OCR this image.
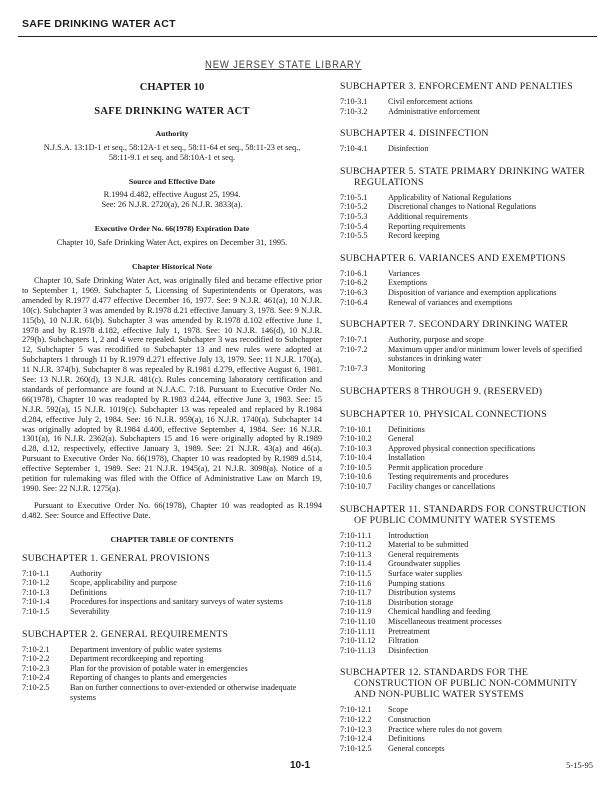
SAFE DRINKING WATER ACT
NEW JERSEY STATE LIBRARY
CHAPTER 10
SAFE DRINKING WATER ACT
Authority
N.J.S.A. 13:1D-1 et seq., 58:12A-1 et seq., 58:11-64 et seq., 58:11-23 et seq., 58:11-9.1 et seq. and 58:10A-1 et seq.
Source and Effective Date
R.1994 d.482, effective August 25, 1994.
See: 26 N.J.R. 2720(a), 26 N.J.R. 3833(a).
Executive Order No. 66(1978) Expiration Date
Chapter 10, Safe Drinking Water Act, expires on December 31, 1995.
Chapter Historical Note

Chapter 10, Safe Drinking Water Act, was originally filed and became effective prior to September 1, 1969. Subchapter 5, Licensing of Superintendents or Operators, was amended by R.1977 d.477 effective December 16, 1977. See: 9 N.J.R. 461(a), 10 N.J.R. 10(c). Subchapter 3 was amended by R.1978 d.21 effective January 3, 1978. See: 9 N.J.R. 115(b), 10 N.J.R. 61(b). Subchapter 3 was amended by R.1978 d.102 effective June 1, 1978 and by R.1978 d.182, effective July 1, 1978. See: 10 N.J.R. 146(d), 10 N.J.R. 279(b). Subchapters 1, 2 and 4 were repealed. Subchapter 3 was recodified to Subchapter 12, Subchapter 5 was recodified to Subchapter 13 and new rules were adopted at Subchapters 1 through 11 by R.1979 d.271 effective July 13, 1979. See: 11 N.J.R. 170(a), 11 N.J.R. 374(b). Subchapter 8 was repealed by R.1981 d.279, effective August 6, 1981. See: 13 N.J.R. 260(d), 13 N.J.R. 481(c). Rules concerning laboratory certification and standards of performance are found at N.J.A.C. 7:18. Pursuant to Executive Order No. 66(1978), Chapter 10 was readopted by R.1983 d.244, effective June 3, 1983. See: 15 N.J.R. 592(a), 15 N.J.R. 1019(c). Subchapter 13 was repealed and replaced by R.1984 d.284, effective July 2, 1984. See: 16 N.J.R. 959(a), 16 N.J.R. 1740(a). Subchapter 14 was originally adopted by R.1984 d.400, effective September 4, 1984. See: 16 N.J.R. 1301(a), 16 N.J.R. 2362(a). Subchapters 15 and 16 were originally adopted by R.1989 d.28, d.12, respectively, effective January 3, 1989. See: 21 N.J.R. 43(a) and 46(a). Pursuant to Executive Order No. 66(1978), Chapter 10 was readopted by R.1989 d.514, effective September 1, 1989. See: 21 N.J.R. 1945(a), 21 N.J.R. 3098(a). Notice of a petition for rulemaking was filed with the Office of Administrative Law on March 19, 1990. See: 22 N.J.R. 1275(a).

Pursuant to Executive Order No. 66(1978), Chapter 10 was readopted as R.1994 d.482. See: Source and Effective Date.

CHAPTER TABLE OF CONTENTS
SUBCHAPTER 1. GENERAL PROVISIONS
7:10-1.1	Authority
7:10-1.2	Scope, applicability and purpose
7:10-1.3	Definitions
7:10-1.4	Procedures for inspections and sanitary surveys of water systems
7:10-1.5	Severability
SUBCHAPTER 2. GENERAL REQUIREMENTS
7:10-2.1	Department inventory of public water systems
7:10-2.2	Department recordkeeping and reporting
7:10-2.3	Plan for the provision of potable water in emergencies
7:10-2.4	Reporting of changes to plants and emergencies
7:10-2.5	Ban on further connections to over-extended or otherwise inadequate systems
SUBCHAPTER 3. ENFORCEMENT AND PENALTIES
7:10-3.1	Civil enforcement actions
7:10-3.2	Administrative enforcement
SUBCHAPTER 4. DISINFECTION
7:10-4.1	Disinfection
SUBCHAPTER 5. STATE PRIMARY DRINKING WATER
REGULATIONS
7:10-5.1	Applicability of National Regulations
7:10-5.2	Discretional changes to National Regulations
7:10-5.3	Additional requirements
7:10-5.4	Reporting requirements
7:10-5.5	Record keeping
SUBCHAPTER 6. VARIANCES AND EXEMPTIONS
7:10-6.1	Variances
7:10-6.2	Exemptions
7:10-6.3	Disposition of variance and exemption applications
7:10-6.4	Renewal of variances and exemptions
SUBCHAPTER 7. SECONDARY DRINKING WATER
7:10-7.1	Authority, purpose and scope
7:10-7.2	Maximum upper and/or minimum lower levels of specified substances in drinking water
7:10-7.3	Monitoring
SUBCHAPTERS 8 THROUGH 9. (RESERVED)
SUBCHAPTER 10. PHYSICAL CONNECTIONS
7:10-10.1	Definitions
7:10-10.2	General
7:10-10.3	Approved physical connection specifications
7:10-10.4	Installation
7:10-10.5	Permit application procedure
7:10-10.6	Testing requirements and procedures
7:10-10.7	Facility changes or cancellations
SUBCHAPTER 11. STANDARDS FOR CONSTRUCTION
OF PUBLIC COMMUNITY WATER SYSTEMS
7:10-11.1	Introduction
7:10-11.2	Material to be submitted
7:10-11.3	General requirements
7:10-11.4	Groundwater supplies
7:10-11.5	Surface water supplies
7:10-11.6	Pumping stations
7:10-11.7	Distribution systems
7:10-11.8	Distribution storage
7:10-11.9	Chemical handling and feeding
7:10-11.10	Miscellaneous treatment processes
7:10-11.11	Pretreatment
7:10-11.12	Filtration
7:10-11.13	Disinfection
SUBCHAPTER 12. STANDARDS FOR THE
CONSTRUCTION OF PUBLIC NON-COMMUNITY AND NON-PUBLIC WATER SYSTEMS
7:10-12.1	Scope
7:10-12.2	Construction
7:10-12.3	Practice where rules do not govern
7:10-12.4	Definitions
7:10-12.5	General concepts
10-1	5-15-95
